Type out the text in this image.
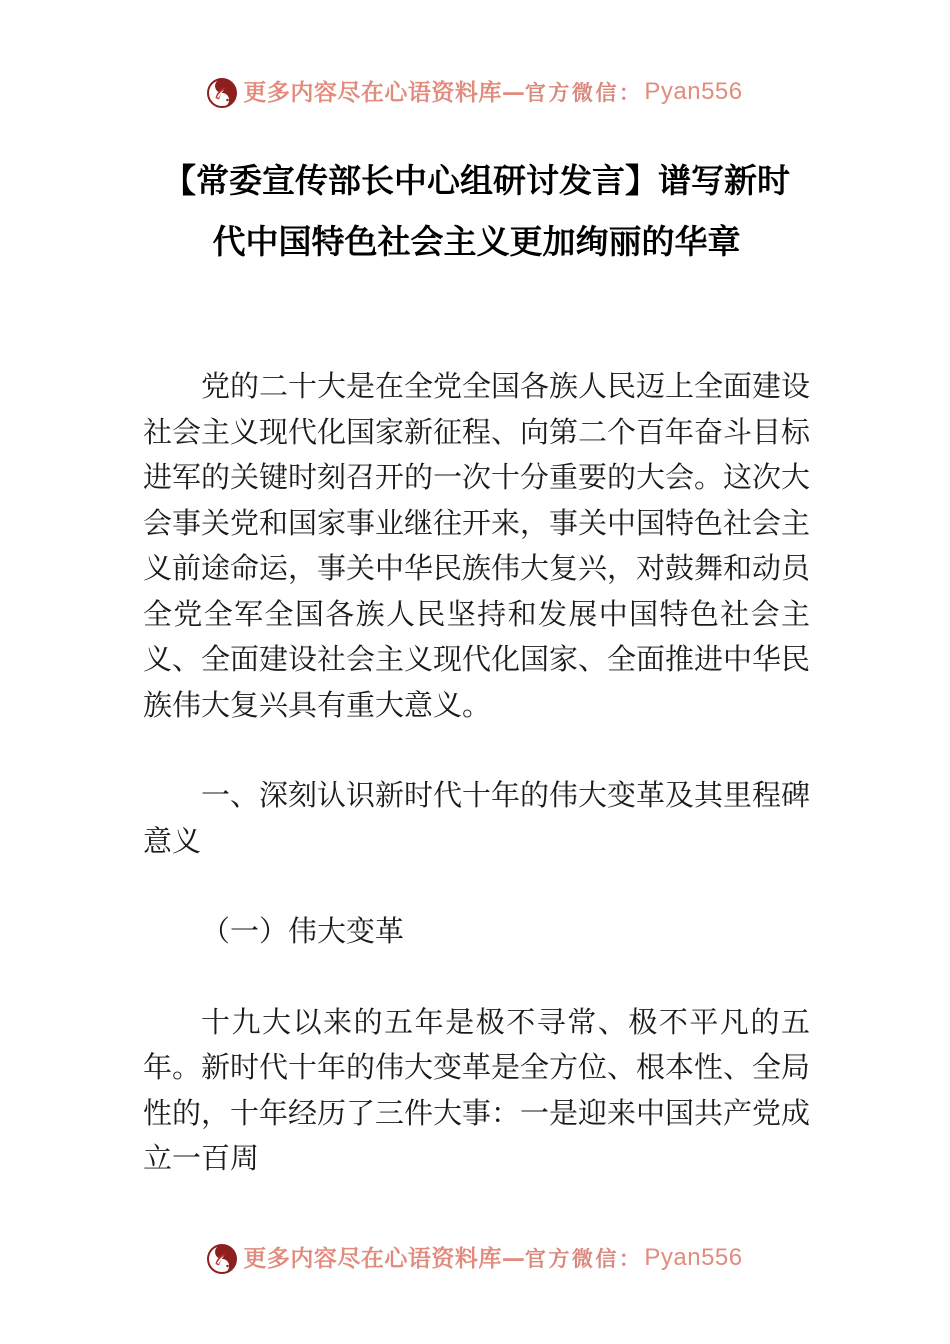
更多内容尽在心语资料库 — 官方微信： Pyan556
【常委宣传部长中心组研讨发言】谱写新时
代中国特色社会主义更加绚丽的华章

党的二十大是在全党全国各族人民迈上全面建设社会主义现代化国家新征程、向第二个百年奋斗目标进军的关键时刻召开的一次十分重要的大会。这次大会事关党和国家事业继往开来，事关中国特色社会主义前途命运，事关中华民族伟大复兴，对鼓舞和动员全党全军全国各族人民坚持和发展中国特色社会主义、全面建设社会主义现代化国家、全面推进中华民族伟大复兴具有重大意义。

一、深刻认识新时代十年的伟大变革及其里程碑意义

（一）伟大变革

十九大以来的五年是极不寻常、极不平凡的五年。新时代十年的伟大变革是全方位、根本性、全局性的，十年经历了三件大事：一是迎来中国共产党成立一百周

更多内容尽在心语资料库 — 官方微信： Pyan556
